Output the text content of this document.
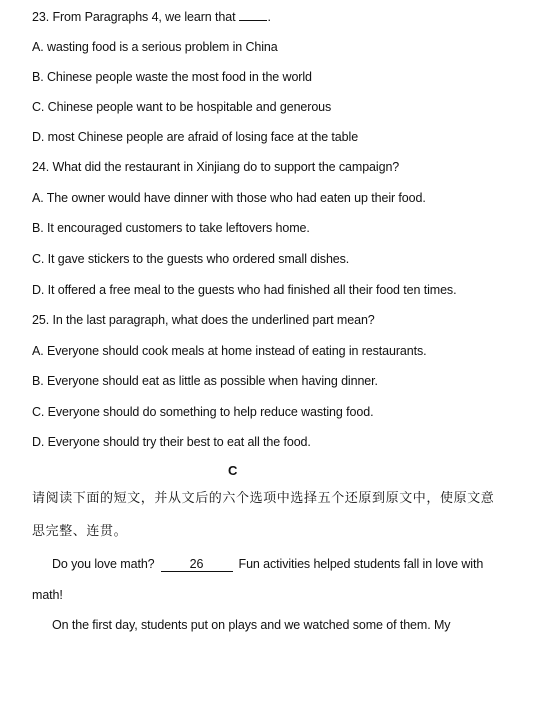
23. From Paragraphs 4, we learn that	.
A. wasting food is a serious problem in China
B. Chinese people waste the most food in the world
C. Chinese people want to be hospitable and generous
D. most Chinese people are afraid of losing face at the table
24. What did the restaurant in Xinjiang do to support the campaign?
A. The owner would have dinner with those who had eaten up their food.
B. It encouraged customers to take leftovers home.
C. It gave stickers to the guests who ordered small dishes.
D. It offered a free meal to the guests who had finished all their food ten times.
25. In the last paragraph, what does the underlined part mean?
A. Everyone should cook meals at home instead of eating in restaurants.
B. Everyone should eat as little as possible when having dinner.
C. Everyone should do something to help reduce wasting food.
D. Everyone should try their best to eat all the food.
C
请阅读下面的短文，并从文后的六个选项中选择五个还原到原文中，使原文意
思完整、连贯。
Do you love math?	26	Fun activities helped students fall in love with
math!
On the first day, students put on plays and we watched some of them. My
